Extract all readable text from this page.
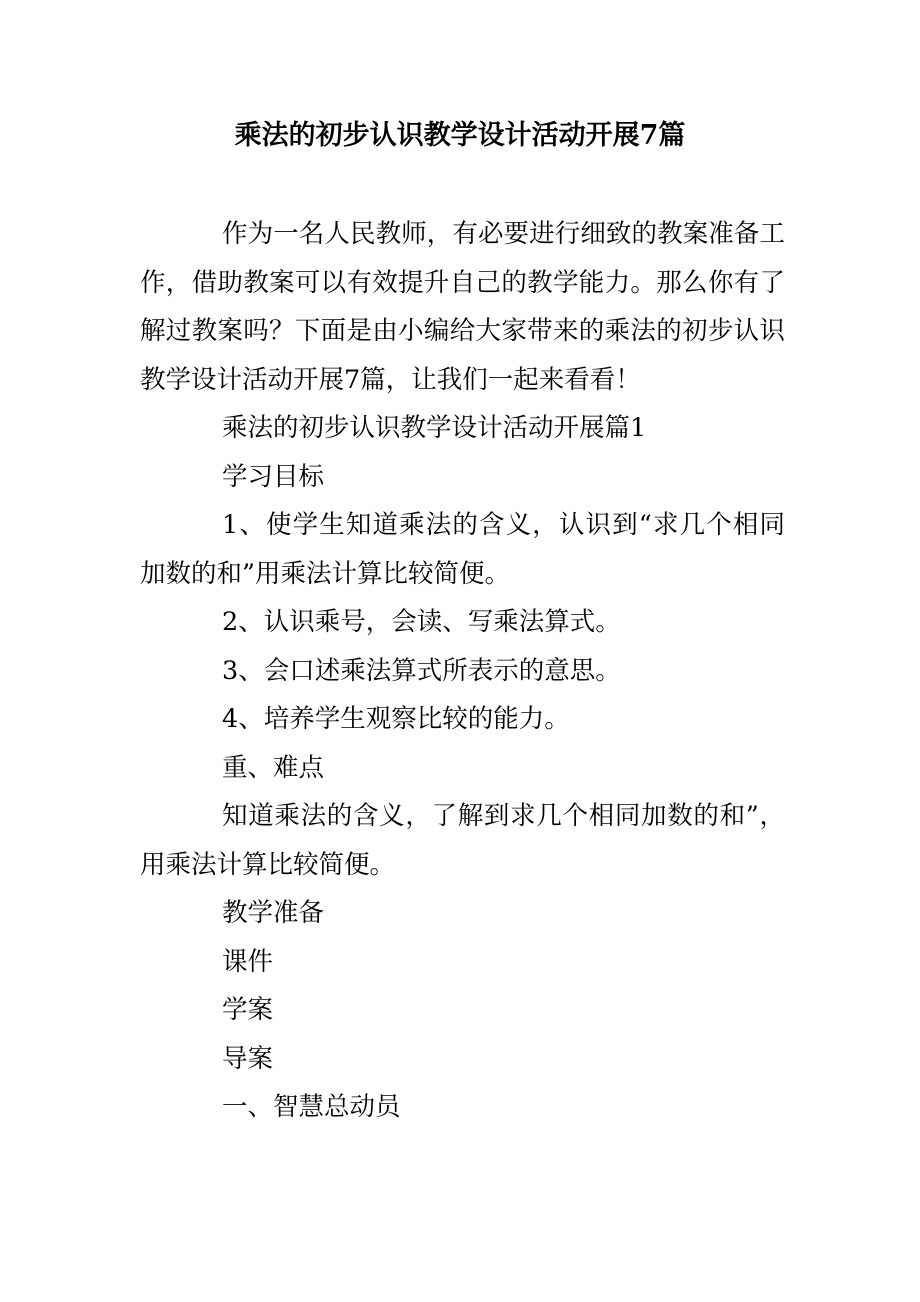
乘法的初步认识教学设计活动开展7篇

作为一名人民教师，有必要进行细致的教案准备工作，借助教案可以有效提升自己的教学能力。那么你有了解过教案吗？下面是由小编给大家带来的乘法的初步认识教学设计活动开展7篇，让我们一起来看看！

乘法的初步认识教学设计活动开展篇1

学习目标

1、使学生知道乘法的含义，认识到“求几个相同加数的和”用乘法计算比较简便。

2、认识乘号，会读、写乘法算式。

3、会口述乘法算式所表示的意思。

4、培养学生观察比较的能力。

重、难点

知道乘法的含义，了解到求几个相同加数的和”，用乘法计算比较简便。

教学准备

课件

学案

导案

一、智慧总动员
